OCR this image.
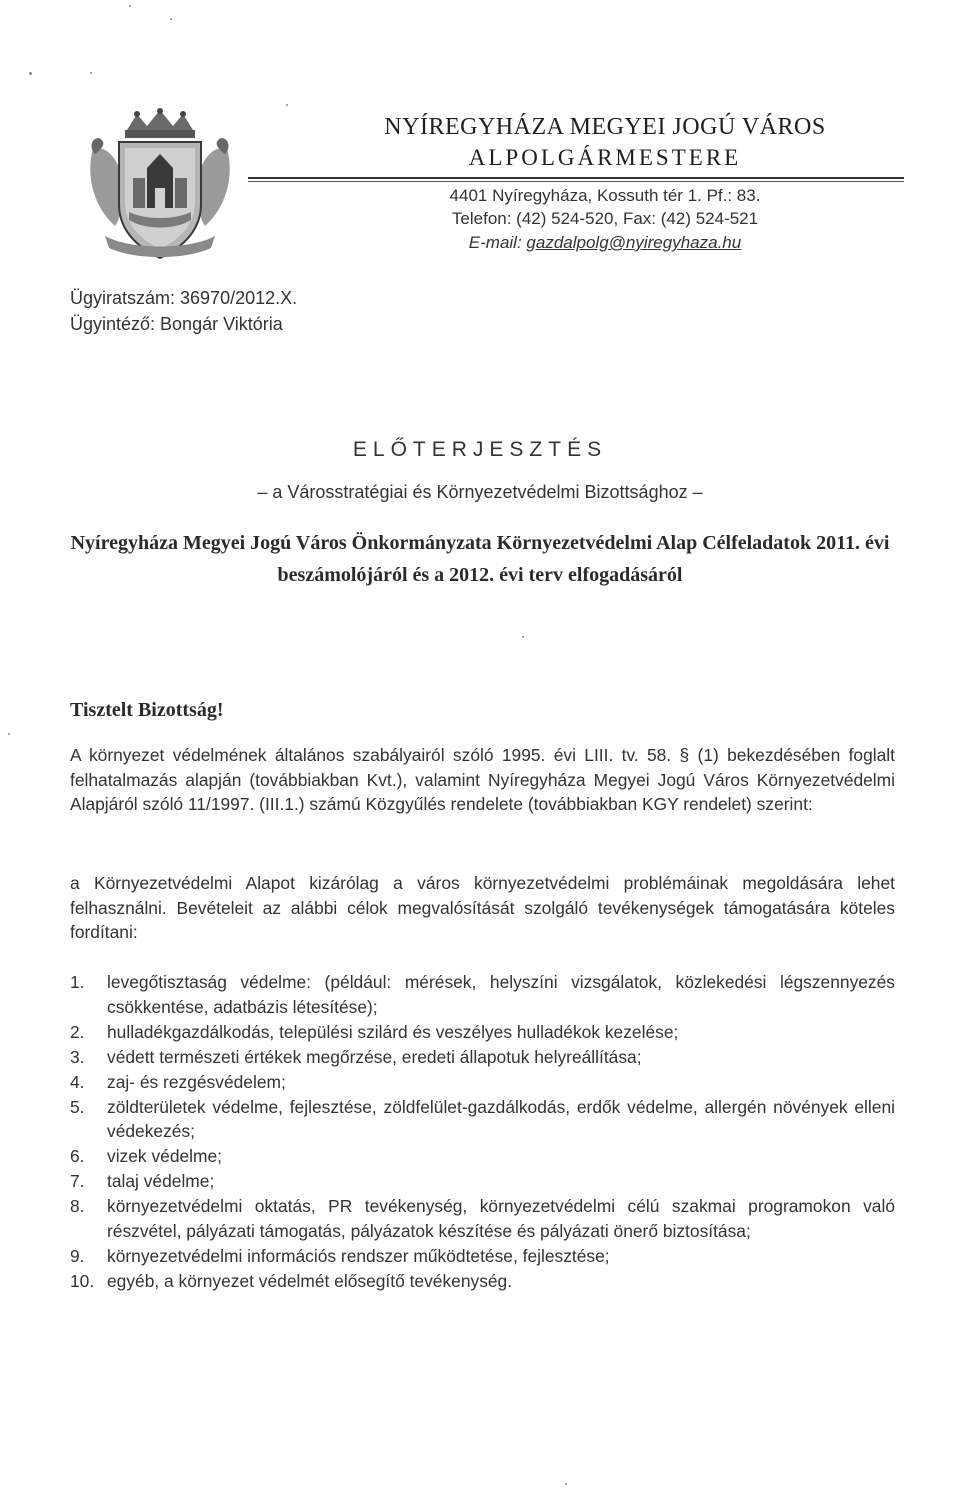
NYÍREGYHÁZA MEGYEI JOGÚ VÁROS
ALPOLGÁRMESTERE
4401 Nyíregyháza, Kossuth tér 1. Pf.: 83.
Telefon: (42) 524-520, Fax: (42) 524-521
E-mail: gazdalpolg@nyiregyhaza.hu
Ügyiratszám: 36970/2012.X.
Ügyintéző: Bongár Viktória
ELŐTERJESZTÉS
– a Városstratégiai és Környezetvédelmi Bizottsághoz –
Nyíregyháza Megyei Jogú Város Önkormányzata Környezetvédelmi Alap Célfeladatok 2011. évi beszámolójáról és a 2012. évi terv elfogadásáról
Tisztelt Bizottság!
A környezet védelmének általános szabályairól szóló 1995. évi LIII. tv. 58. § (1) bekezdésében foglalt felhatalmazás alapján (továbbiakban Kvt.), valamint Nyíregyháza Megyei Jogú Város Környezetvédelmi Alapjáról szóló 11/1997. (III.1.) számú Közgyűlés rendelete (továbbiakban KGY rendelet) szerint:
a Környezetvédelmi Alapot kizárólag a város környezetvédelmi problémáinak megoldására lehet felhasználni. Bevételeit az alábbi célok megvalósítását szolgáló tevékenységek támogatására köteles fordítani:
1. levegőtisztaság védelme: (például: mérések, helyszíni vizsgálatok, közlekedési légszennyezés csökkentése, adatbázis létesítése);
2. hulladékgazdálkodás, települési szilárd és veszélyes hulladékok kezelése;
3. védett természeti értékek megőrzése, eredeti állapotuk helyreállítása;
4. zaj- és rezgésvédelem;
5. zöldterületek védelme, fejlesztése, zöldfelület-gazdálkodás, erdők védelme, allergén növények elleni védekezés;
6. vizek védelme;
7. talaj védelme;
8. környezetvédelmi oktatás, PR tevékenység, környezetvédelmi célú szakmai programokon való részvétel, pályázati támogatás, pályázatok készítése és pályázati önerő biztosítása;
9. környezetvédelmi információs rendszer működtetése, fejlesztése;
10. egyéb, a környezet védelmét elősegítő tevékenység.
